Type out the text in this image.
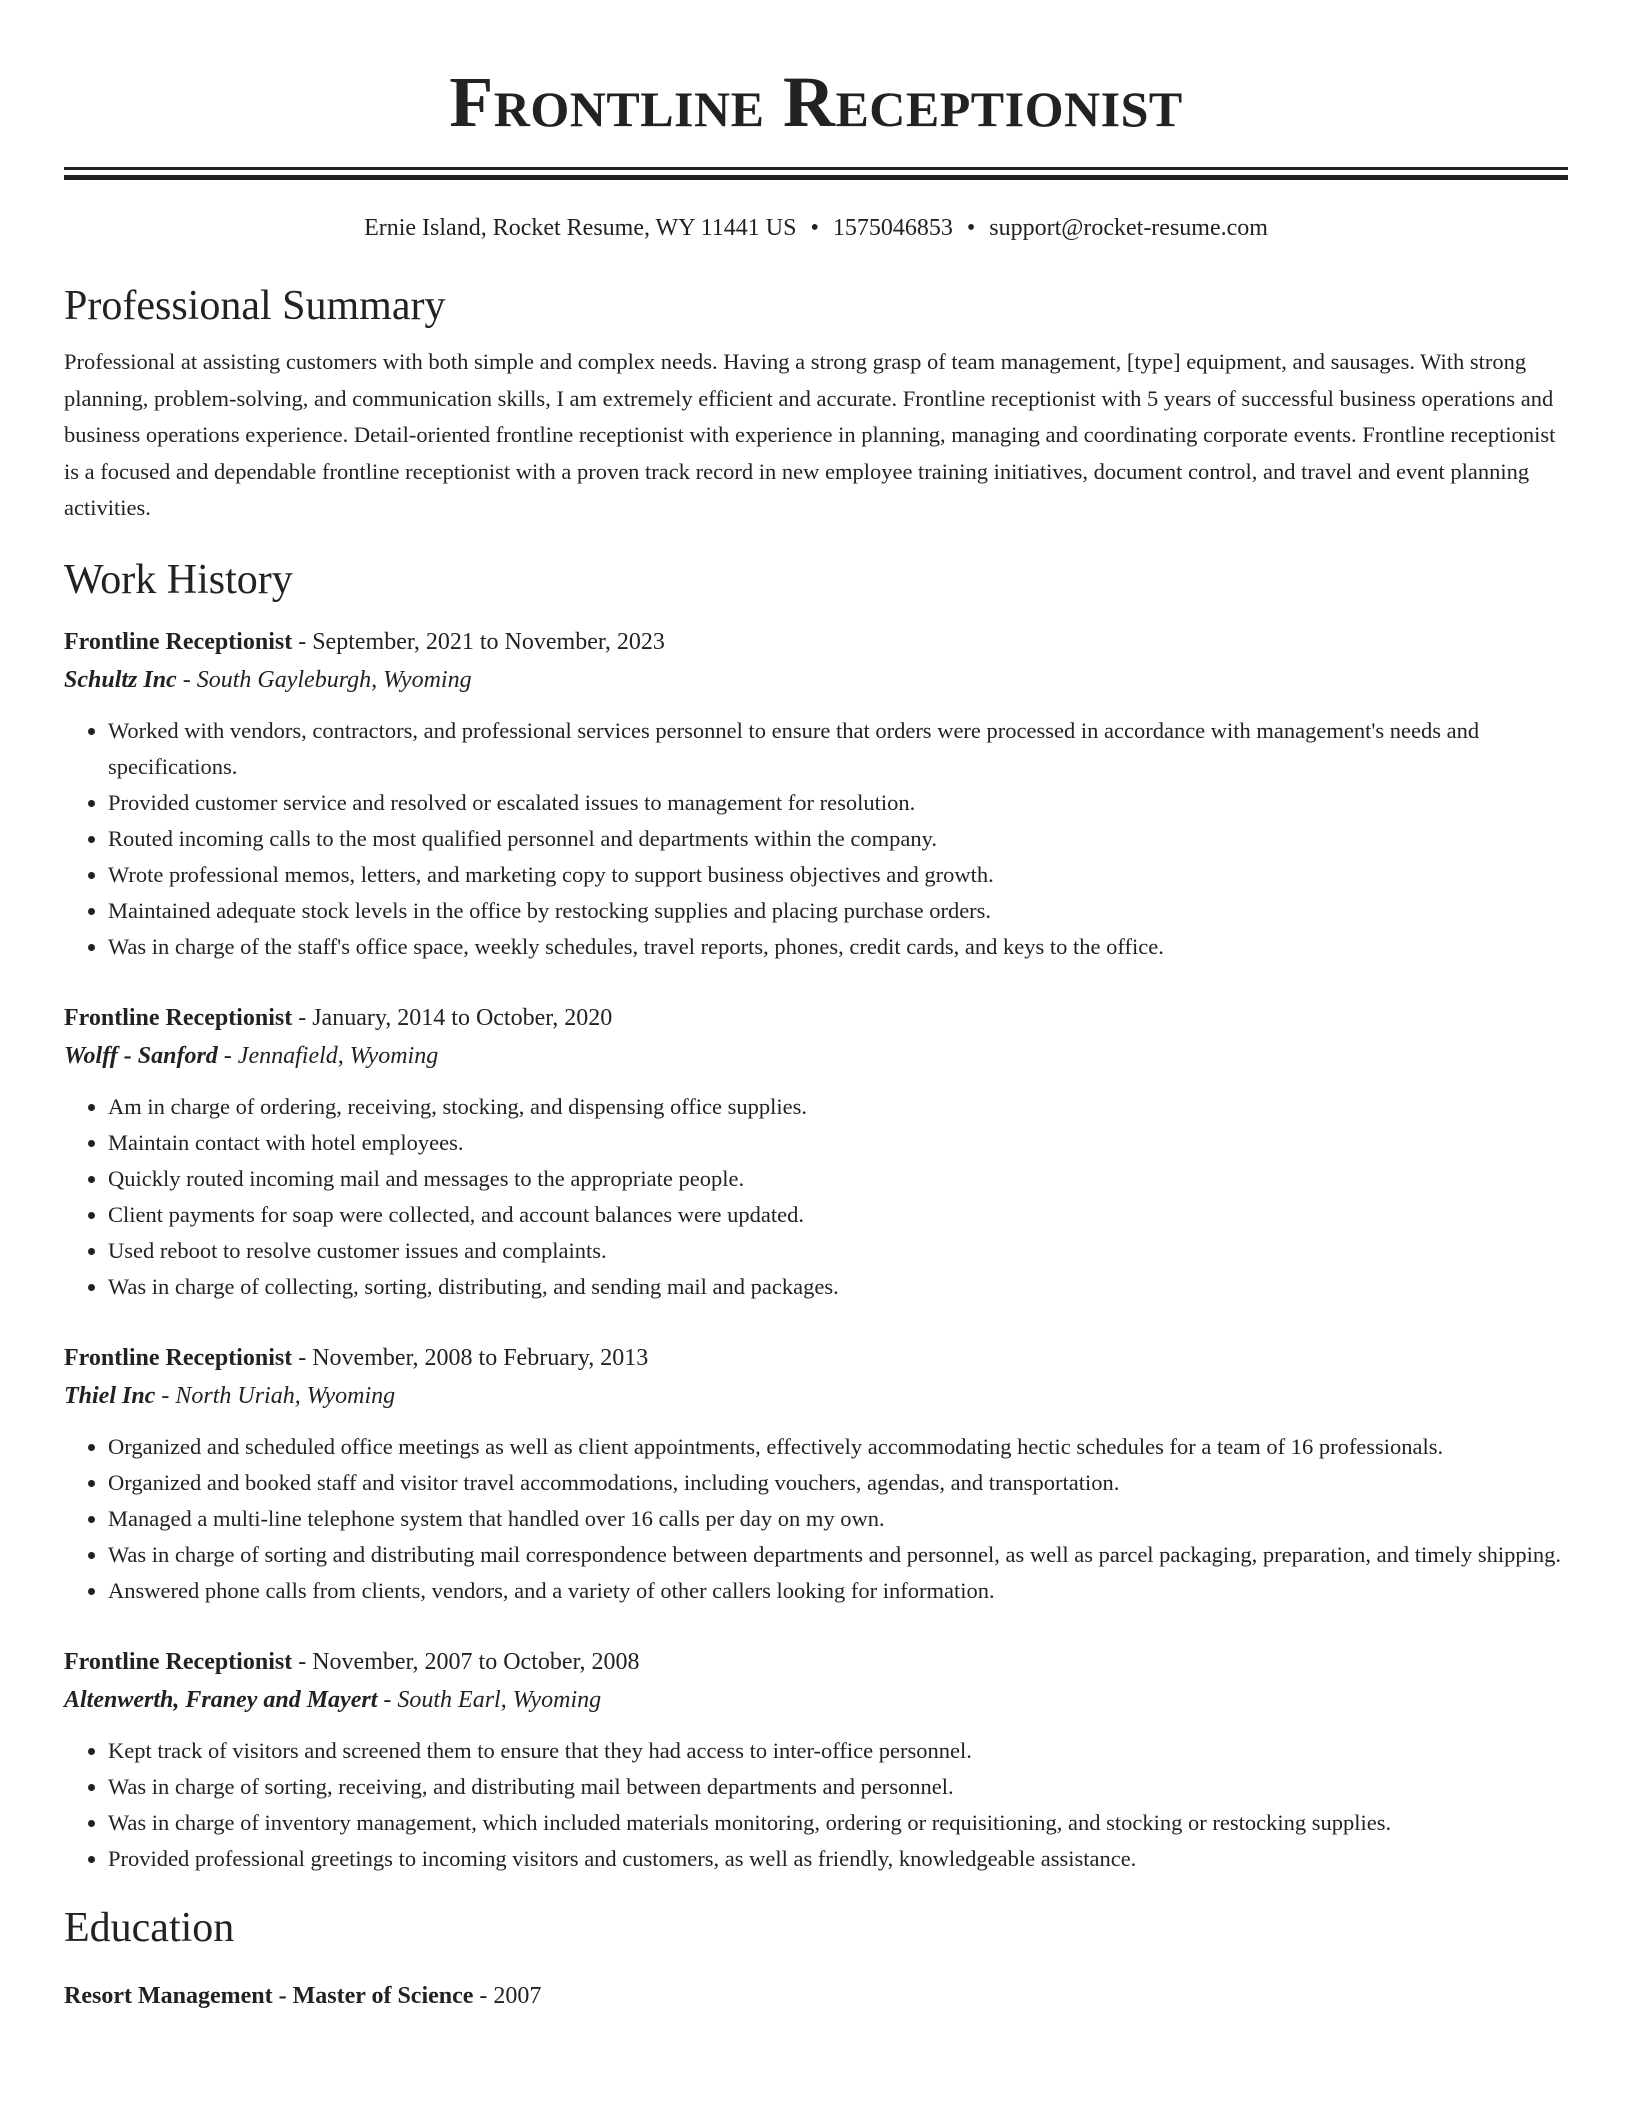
Frontline Receptionist
Ernie Island, Rocket Resume, WY 11441 US • 1575046853 • support@rocket-resume.com
Professional Summary
Professional at assisting customers with both simple and complex needs. Having a strong grasp of team management, [type] equipment, and sausages. With strong planning, problem-solving, and communication skills, I am extremely efficient and accurate. Frontline receptionist with 5 years of successful business operations and business operations experience. Detail-oriented frontline receptionist with experience in planning, managing and coordinating corporate events. Frontline receptionist is a focused and dependable frontline receptionist with a proven track record in new employee training initiatives, document control, and travel and event planning activities.
Work History
Frontline Receptionist - September, 2021 to November, 2023
Schultz Inc - South Gayleburgh, Wyoming
• Worked with vendors, contractors, and professional services personnel to ensure that orders were processed in accordance with management's needs and specifications.
• Provided customer service and resolved or escalated issues to management for resolution.
• Routed incoming calls to the most qualified personnel and departments within the company.
• Wrote professional memos, letters, and marketing copy to support business objectives and growth.
• Maintained adequate stock levels in the office by restocking supplies and placing purchase orders.
• Was in charge of the staff's office space, weekly schedules, travel reports, phones, credit cards, and keys to the office.
Frontline Receptionist - January, 2014 to October, 2020
Wolff - Sanford - Jennafield, Wyoming
• Am in charge of ordering, receiving, stocking, and dispensing office supplies.
• Maintain contact with hotel employees.
• Quickly routed incoming mail and messages to the appropriate people.
• Client payments for soap were collected, and account balances were updated.
• Used reboot to resolve customer issues and complaints.
• Was in charge of collecting, sorting, distributing, and sending mail and packages.
Frontline Receptionist - November, 2008 to February, 2013
Thiel Inc - North Uriah, Wyoming
• Organized and scheduled office meetings as well as client appointments, effectively accommodating hectic schedules for a team of 16 professionals.
• Organized and booked staff and visitor travel accommodations, including vouchers, agendas, and transportation.
• Managed a multi-line telephone system that handled over 16 calls per day on my own.
• Was in charge of sorting and distributing mail correspondence between departments and personnel, as well as parcel packaging, preparation, and timely shipping.
• Answered phone calls from clients, vendors, and a variety of other callers looking for information.
Frontline Receptionist - November, 2007 to October, 2008
Altenwerth, Franey and Mayert - South Earl, Wyoming
• Kept track of visitors and screened them to ensure that they had access to inter-office personnel.
• Was in charge of sorting, receiving, and distributing mail between departments and personnel.
• Was in charge of inventory management, which included materials monitoring, ordering or requisitioning, and stocking or restocking supplies.
• Provided professional greetings to incoming visitors and customers, as well as friendly, knowledgeable assistance.
Education
Resort Management - Master of Science - 2007
